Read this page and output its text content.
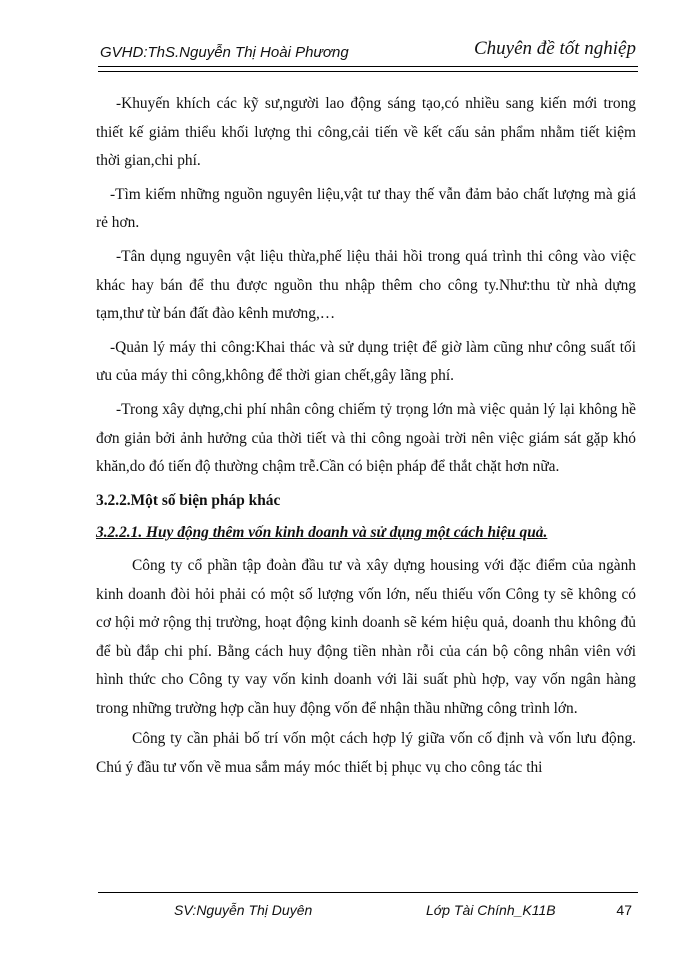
GVHD:ThS.Nguyễn Thị Hoài Phương	Chuyên đề tốt nghiệp

-Khuyến khích các kỹ sư,người lao động sáng tạo,có nhiều sang kiến mới trong thiết kế giảm thiểu khối lượng thi công,cải tiến về kết cấu sản phẩm nhằm tiết kiệm thời gian,chi phí.

-Tìm kiếm những nguồn nguyên liệu,vật tư thay thế vẫn đảm bảo chất lượng mà giá rẻ hơn.

-Tân dụng nguyên vật liệu thừa,phế liệu thải hồi trong quá trình thi công vào việc khác hay bán để thu được nguồn thu nhập thêm cho công ty.Như:thu từ nhà dựng tạm,thư từ bán đất đào kênh mương,…

-Quản lý máy thi công:Khai thác và sử dụng triệt để giờ làm cũng như công suất tối ưu của máy thi công,không để thời gian chết,gây lãng phí.

-Trong xây dựng,chi phí nhân công chiếm tỷ trọng lớn mà việc quản lý lại không hề đơn giản bởi ảnh hưởng của thời tiết và thi công ngoài trời nên việc giám sát gặp khó khăn,do đó tiến độ thường chậm trễ.Cần có biện pháp để thắt chặt hơn nữa.

3.2.2.Một số biện pháp khác

3.2.2.1. Huy động thêm vốn kinh doanh và sử dụng một cách hiệu quả.

Công ty cổ phần tập đoàn đầu tư và xây dựng housing với đặc điểm của ngành kinh doanh đòi hỏi phải có một số lượng vốn lớn, nếu thiếu vốn Công ty sẽ không có cơ hội mở rộng thị trường, hoạt động kinh doanh sẽ kém hiệu quả, doanh thu không đủ để bù đắp chi phí. Bằng cách huy động tiền nhàn rỗi của cán bộ công nhân viên với hình thức cho Công ty vay vốn kinh doanh với lãi suất phù hợp, vay vốn ngân hàng trong những trường hợp cần huy động vốn để nhận thầu những công trình lớn.

Công ty cần phải bố trí vốn một cách hợp lý giữa vốn cố định và vốn lưu động. Chú ý đầu tư vốn về mua sắm máy móc thiết bị phục vụ cho công tác thi

SV:Nguyễn Thị Duyên	Lớp Tài Chính_K11B	47
